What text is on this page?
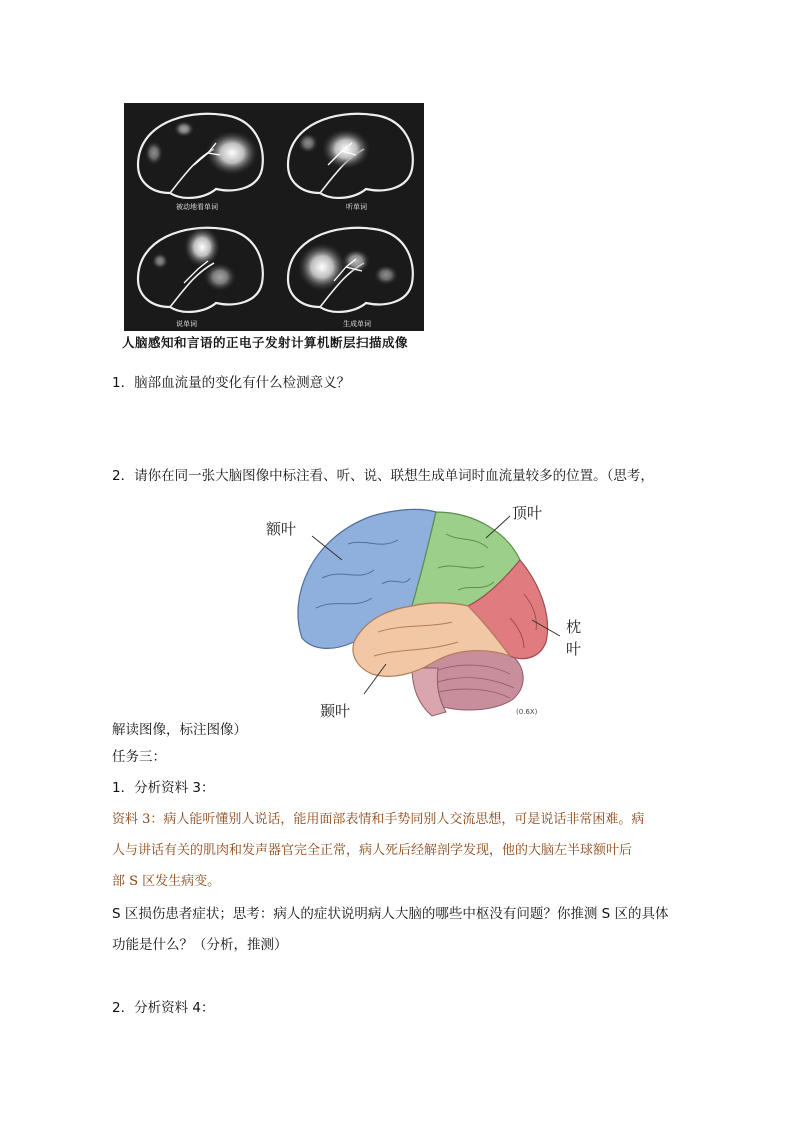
被动地看单词	听单词
说单词	生成单词
人脑感知和言语的正电子发射计算机断层扫描成像
1．脑部血流量的变化有什么检测意义？
2．请你在同一张大脑图像中标注看、听、说、联想生成单词时血流量较多的位置。（思考，
额叶
顶叶
枕
叶
颞叶	(0.6X)
解读图像，标注图像）
任务三：
1．分析资料 3：
资料 3：病人能听懂别人说话，能用面部表情和手势同别人交流思想，可是说话非常困难。病
人与讲话有关的肌肉和发声器官完全正常，病人死后经解剖学发现，他的大脑左半球额叶后
部 S 区发生病变。
S 区损伤患者症状；思考：病人的症状说明病人大脑的哪些中枢没有问题？你推测 S 区的具体
功能是什么？（分析，推测）
2．分析资料 4：
